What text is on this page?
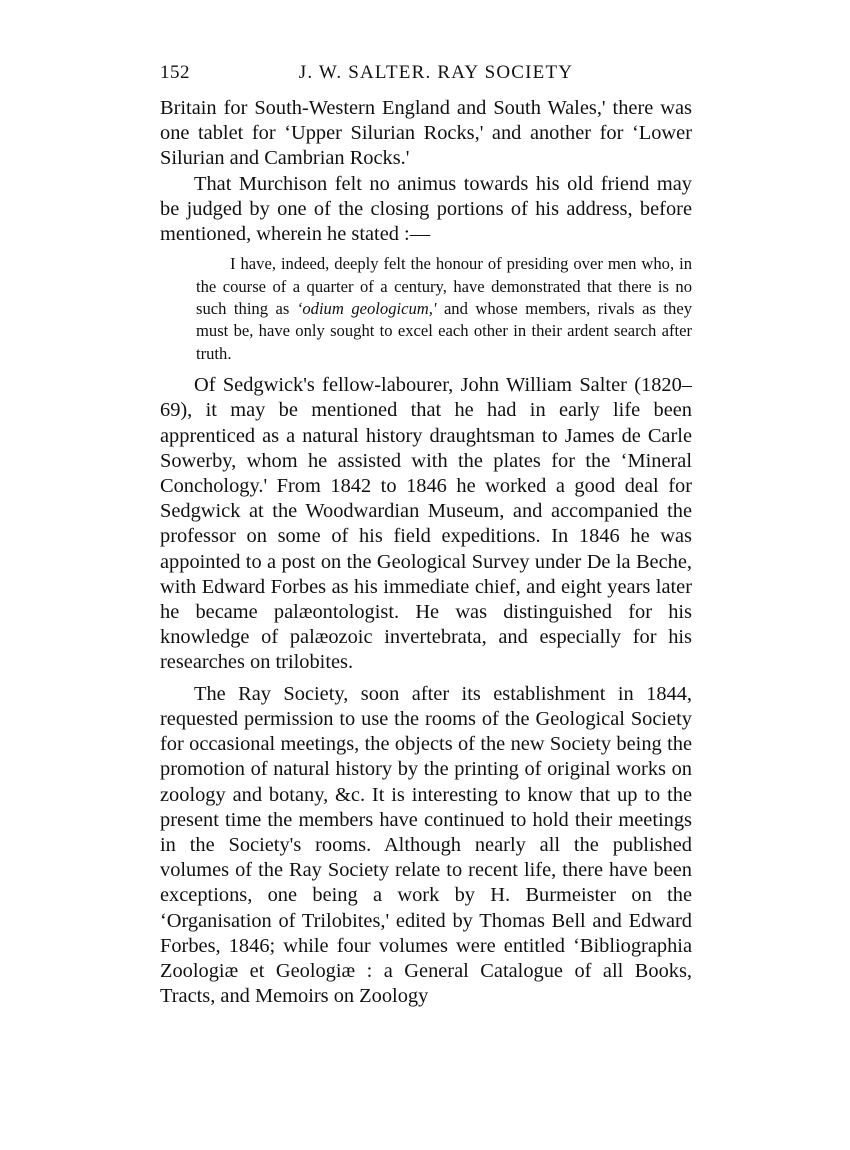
152	J. W. SALTER. RAY SOCIETY

Britain for South-Western England and South Wales,' there was one tablet for ‘Upper Silurian Rocks,' and another for ‘Lower Silurian and Cambrian Rocks.'

That Murchison felt no animus towards his old friend may be judged by one of the closing portions of his address, before mentioned, wherein he stated :—

I have, indeed, deeply felt the honour of presiding over men who, in the course of a quarter of a century, have demonstrated that there is no such thing as ‘odium geologicum,' and whose members, rivals as they must be, have only sought to excel each other in their ardent search after truth.

Of Sedgwick's fellow-labourer, John William Salter (1820–69), it may be mentioned that he had in early life been apprenticed as a natural history draughtsman to James de Carle Sowerby, whom he assisted with the plates for the ‘Mineral Conchology.' From 1842 to 1846 he worked a good deal for Sedgwick at the Woodwardian Museum, and accompanied the professor on some of his field expeditions. In 1846 he was appointed to a post on the Geological Survey under De la Beche, with Edward Forbes as his immediate chief, and eight years later he became palæontologist. He was distinguished for his knowledge of palæozoic invertebrata, and especially for his researches on trilobites.

The Ray Society, soon after its establishment in 1844, requested permission to use the rooms of the Geological Society for occasional meetings, the objects of the new Society being the promotion of natural history by the printing of original works on zoology and botany, &c. It is interesting to know that up to the present time the members have continued to hold their meetings in the Society's rooms. Although nearly all the published volumes of the Ray Society relate to recent life, there have been exceptions, one being a work by H. Burmeister on the ‘Organisation of Trilobites,' edited by Thomas Bell and Edward Forbes, 1846; while four volumes were entitled ‘Bibliographia Zoologiæ et Geologiæ : a General Catalogue of all Books, Tracts, and Memoirs on Zoology
